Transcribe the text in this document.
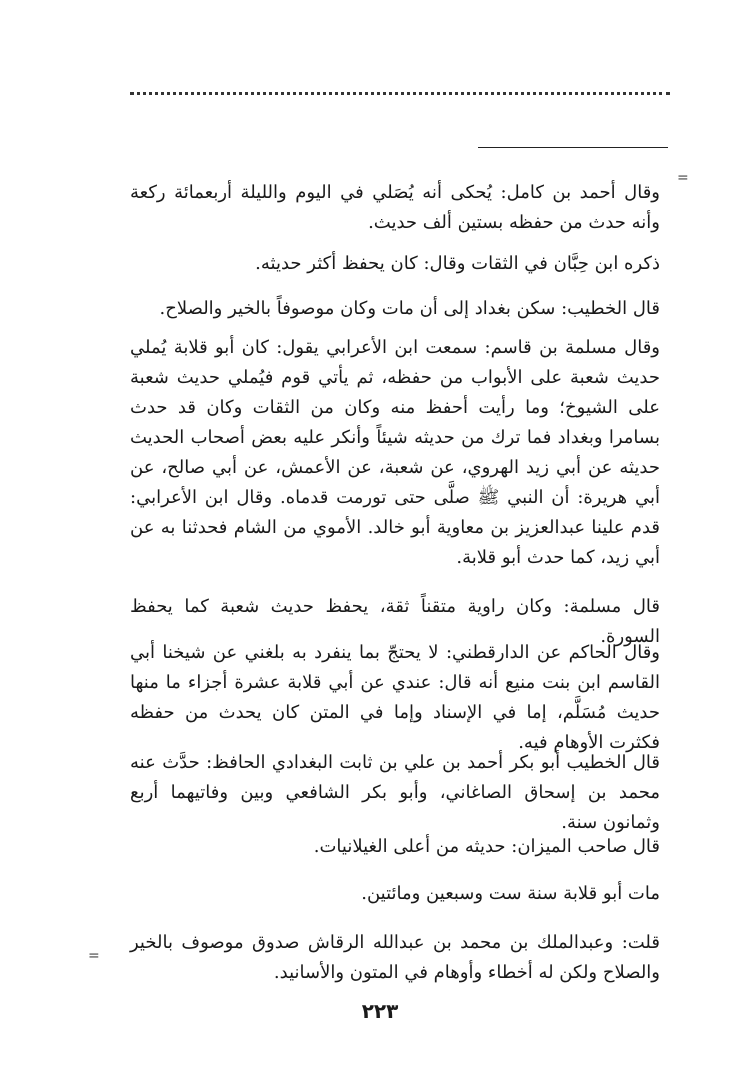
=

وقال أحمد بن كامل: يُحكى أنه يُصَلي في اليوم والليلة أربعمائة ركعة وأنه حدث من حفظه بستين ألف حديث.

ذكره ابن حِبَّان في الثقات وقال: كان يحفظ أكثر حديثه.

قال الخطيب: سكن بغداد إلى أن مات وكان موصوفاً بالخير والصلاح.

وقال مسلمة بن قاسم: سمعت ابن الأعرابي يقول: كان أبو قلابة يُملي حديث شعبة على الأبواب من حفظه، ثم يأتي قوم فيُملي حديث شعبة على الشيوخ؛ وما رأيت أحفظ منه وكان من الثقات وكان قد حدث بسامرا وبغداد فما ترك من حديثه شيئاً وأنكر عليه بعض أصحاب الحديث حديثه عن أبي زيد الهروي، عن شعبة، عن الأعمش، عن أبي صالح، عن أبي هريرة: أن النبي ﷺ صلَّى حتى تورمت قدماه. وقال ابن الأعرابي: قدم علينا عبدالعزيز بن معاوية أبو خالد. الأموي من الشام فحدثنا به عن أبي زيد، كما حدث أبو قلابة.

قال مسلمة: وكان راوية متقناً ثقة، يحفظ حديث شعبة كما يحفظ السورة.

وقال الحاكم عن الدارقطني: لا يحتجّ بما ينفرد به بلغني عن شيخنا أبي القاسم ابن بنت منيع أنه قال: عندي عن أبي قلابة عشرة أجزاء ما منها حديث مُسَلَّم، إما في الإسناد وإما في المتن كان يحدث من حفظه فكثرت الأوهام فيه.

قال الخطيب أبو بكر أحمد بن علي بن ثابت البغدادي الحافظ: حدَّث عنه محمد بن إسحاق الصاغاني، وأبو بكر الشافعي وبين وفاتيهما أربع وثمانون سنة.

قال صاحب الميزان: حديثه من أعلى الغيلانيات.

مات أبو قلابة سنة ست وسبعين ومائتين.

قلت: وعبدالملك بن محمد بن عبدالله الرقاش صدوق موصوف بالخير والصلاح ولكن له أخطاء وأوهام في المتون والأسانيد.

=
٢٢٣
